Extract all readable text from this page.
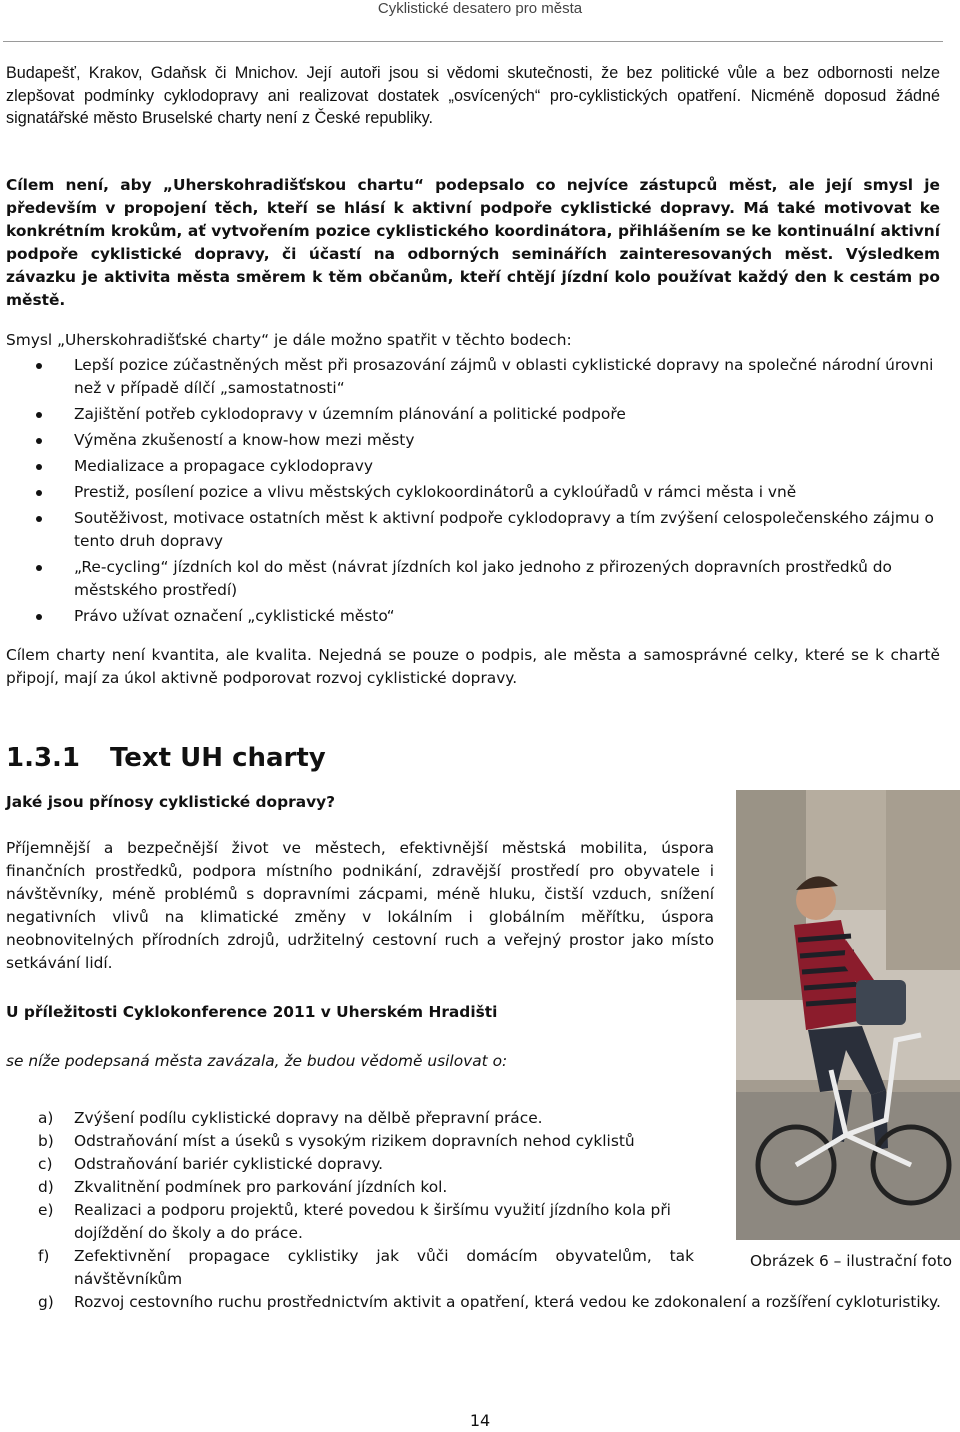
Cyklistické desatero pro města

Budapešť, Krakov, Gdaňsk či Mnichov. Její autoři jsou si vědomi skutečnosti, že bez politické vůle a bez odbornosti nelze zlepšovat podmínky cyklodopravy ani realizovat dostatek „osvícených“ pro-cyklistických opatření. Nicméně doposud žádné signatářské město Bruselské charty není z České republiky.

Cílem není, aby „Uherskohradišťskou chartu“ podepsalo co nejvíce zástupců měst, ale její smysl je především v propojení těch, kteří se hlásí k aktivní podpoře cyklistické dopravy. Má také motivovat ke konkrétním krokům, ať vytvořením pozice cyklistického koordinátora, přihlášením se ke kontinuální aktivní podpoře cyklistické dopravy, či účastí na odborných seminářích zainteresovaných měst. Výsledkem závazku je aktivita města směrem k těm občanům, kteří chtějí jízdní kolo používat každý den k cestám po městě.

Smysl „Uherskohradišťské charty“ je dále možno spatřit v těchto bodech:

Lepší pozice zúčastněných měst při prosazování zájmů v oblasti cyklistické dopravy na společné národní úrovni než v případě dílčí „samostatnosti“
Zajištění potřeb cyklodopravy v územním plánování a politické podpoře
Výměna zkušeností a know-how mezi městy
Medializace a propagace cyklodopravy
Prestiž, posílení pozice a vlivu městských cyklokoordinátorů a cykloúřadů v rámci města i vně
Soutěživost, motivace ostatních měst k aktivní podpoře cyklodopravy a tím zvýšení celospolečenského zájmu o tento druh dopravy
„Re-cycling“ jízdních kol do měst (návrat jízdních kol jako jednoho z přirozených dopravních prostředků do městského prostředí)
Právo užívat označení „cyklistické město“

Cílem charty není kvantita, ale kvalita. Nejedná se pouze o podpis, ale města a samosprávné celky, které se k chartě připojí, mají za úkol aktivně podporovat rozvoj cyklistické dopravy.

1.3.1 Text UH charty

Jaké jsou přínosy cyklistické dopravy?

Příjemnější a bezpečnější život ve městech, efektivnější městská mobilita, úspora finančních prostředků, podpora místního podnikání, zdravější prostředí pro obyvatele i návštěvníky, méně problémů s dopravními zácpami, méně hluku, čistší vzduch, snížení negativních vlivů na klimatické změny v lokálním i globálním měřítku, úspora neobnovitelných přírodních zdrojů, udržitelný cestovní ruch a veřejný prostor jako místo setkávání lidí.

U příležitosti Cyklokonference 2011 v Uherském Hradišti

se níže podepsaná města zavázala, že budou vědomě usilovat o:

a) Zvýšení podílu cyklistické dopravy na dělbě přepravní práce.
b) Odstraňování míst a úseků s vysokým rizikem dopravních nehod cyklistů
c) Odstraňování bariér cyklistické dopravy.
d) Zkvalitnění podmínek pro parkování jízdních kol.
e) Realizaci a podporu projektů, které povedou k širšímu využití jízdního kola při dojíždění do školy a do práce.
f) Zefektivnění propagace cyklistiky jak vůči domácím obyvatelům, tak návštěvníkům
g) Rozvoj cestovního ruchu prostřednictvím aktivit a opatření, která vedou ke zdokonalení a rozšíření cykloturistiky.
Obrázek 6 – ilustrační foto
14
